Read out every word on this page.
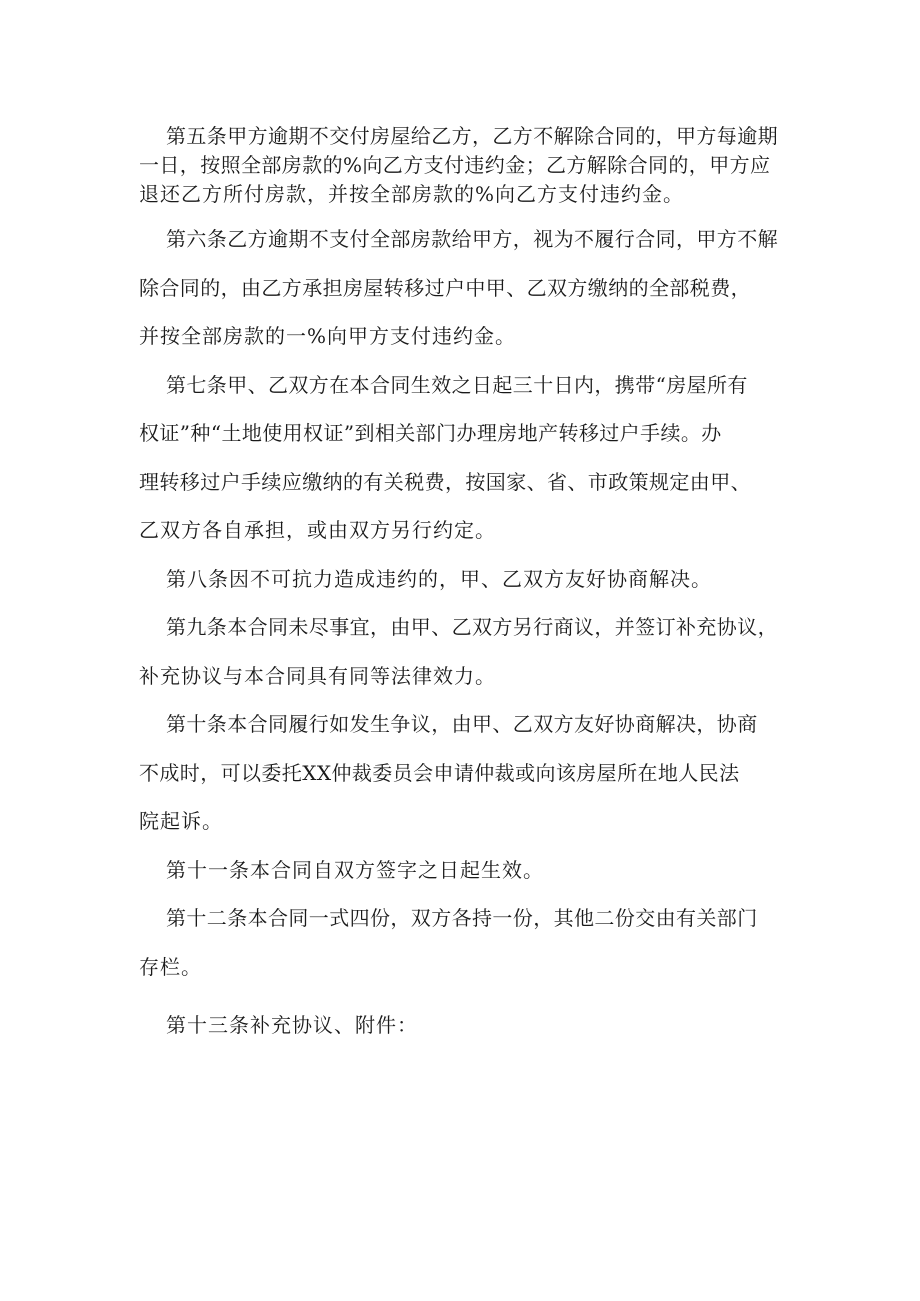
第五条甲方逾期不交付房屋给乙方，乙方不解除合同的，甲方每逾期
一日，按照全部房款的%向乙方支付违约金；乙方解除合同的，甲方应
退还乙方所付房款，并按全部房款的%向乙方支付违约金。
第六条乙方逾期不支付全部房款给甲方，视为不履行合同，甲方不解
除合同的，由乙方承担房屋转移过户中甲、乙双方缴纳的全部税费，
并按全部房款的一%向甲方支付违约金。
第七条甲、乙双方在本合同生效之日起三十日内，携带“房屋所有
权证”种“土地使用权证”到相关部门办理房地产转移过户手续。办
理转移过户手续应缴纳的有关税费，按国家、省、市政策规定由甲、
乙双方各自承担，或由双方另行约定。
第八条因不可抗力造成违约的，甲、乙双方友好协商解决。
第九条本合同未尽事宜，由甲、乙双方另行商议，并签订补充协议，
补充协议与本合同具有同等法律效力。
第十条本合同履行如发生争议，由甲、乙双方友好协商解决，协商
不成时，可以委托XX仲裁委员会申请仲裁或向该房屋所在地人民法
院起诉。
第十一条本合同自双方签字之日起生效。
第十二条本合同一式四份，双方各持一份，其他二份交由有关部门
存栏。
第十三条补充协议、附件：
